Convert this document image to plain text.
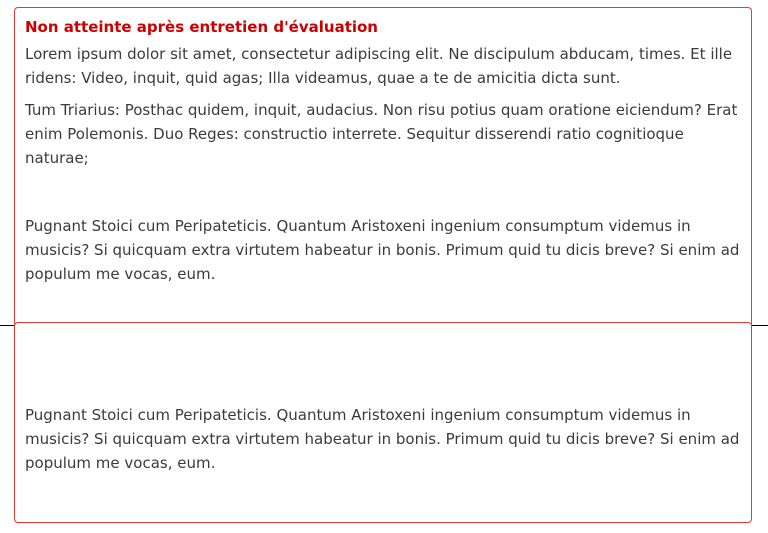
Non atteinte après entretien d'évaluation

Lorem ipsum dolor sit amet, consectetur adipiscing elit. Ne discipulum abducam, times. Et ille ridens: Video, inquit, quid agas; Illa videamus, quae a te de amicitia dicta sunt.

Tum Triarius: Posthac quidem, inquit, audacius. Non risu potius quam oratione eiciendum? Erat enim Polemonis. Duo Reges: constructio interrete. Sequitur disserendi ratio cognitioque naturae;

Pugnant Stoici cum Peripateticis. Quantum Aristoxeni ingenium consumptum videmus in musicis? Si quicquam extra virtutem habeatur in bonis. Primum quid tu dicis breve? Si enim ad populum me vocas, eum.

Pugnant Stoici cum Peripateticis. Quantum Aristoxeni ingenium consumptum videmus in musicis? Si quicquam extra virtutem habeatur in bonis. Primum quid tu dicis breve? Si enim ad populum me vocas, eum.
